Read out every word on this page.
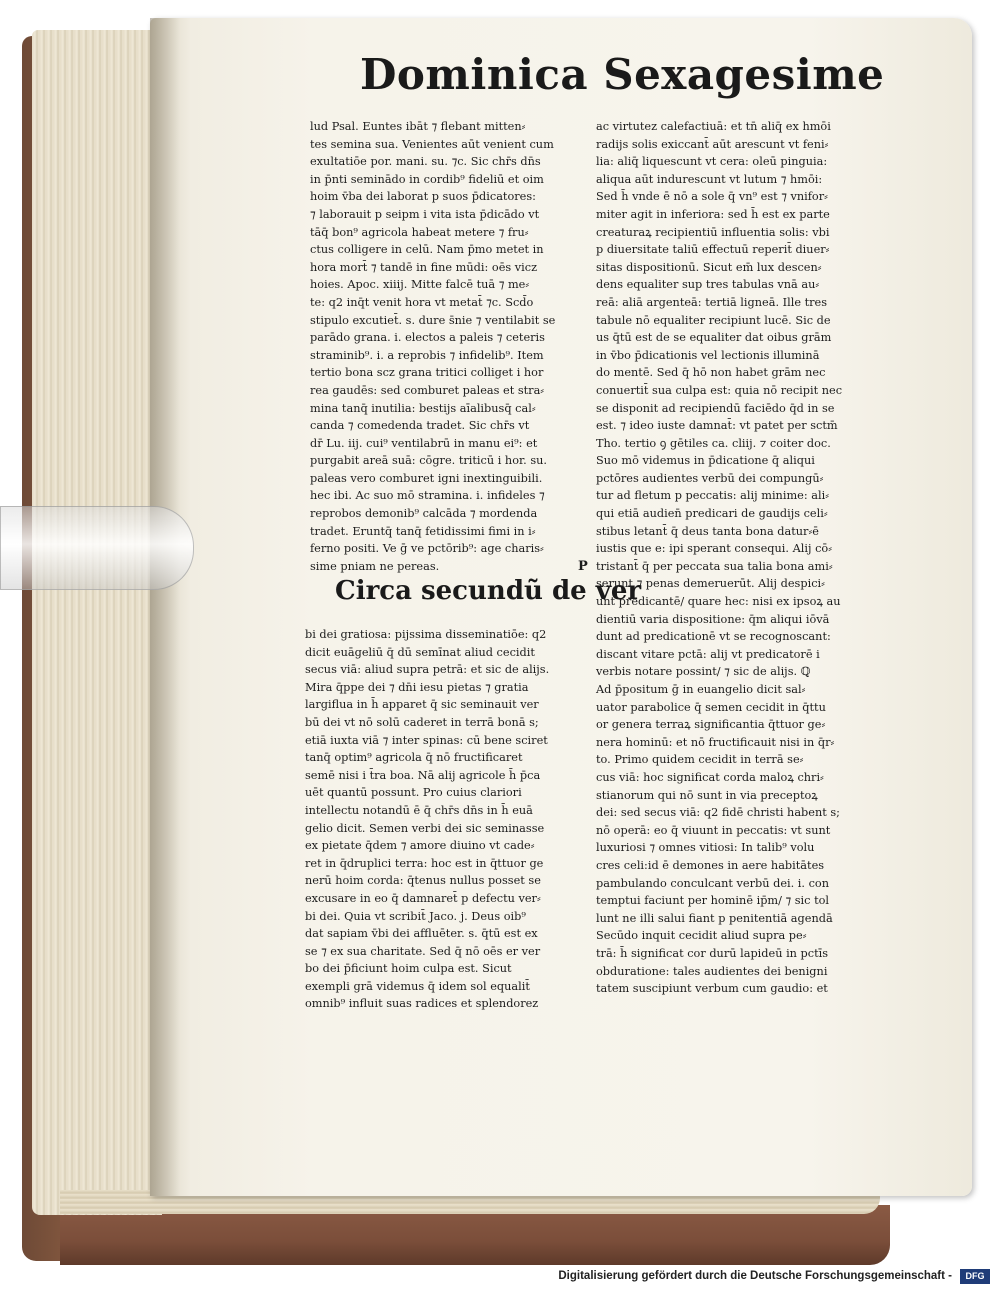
Dominica Sexagesime
lud Psal. Euntes ibāt ⁊ flebant mitten⸗
tes semina sua. Venientes aūt venient cum
exultatiōe por. mani. su. ⁊c. Sic chr̄s dn̄s
in p̄nti seminādo in cordib⁹ fideliū et oim
hoim v̄ba dei laborat p suos p̄dicatores:
⁊ laborauit p seipm i vita ista p̄dicādo vt
tāq̄ bon⁹ agricola habeat metere ⁊ fru⸗
ctus colligere in celū. Nam p̄mo metet in
hora mort̄ ⁊ tandē in fine mūdi: oēs vicz
hoies. Apoc. xiiij. Mitte falcē tuā ⁊ me⸗
te: q2 inq̄t venit hora vt metat̄ ⁊c. Scd̄o
stipulo excutiet̄. s. dure s̄nie ⁊ ventilabit se
parādo grana. i. electos a paleis ⁊ ceteris
straminib⁹. i. a reprobis ⁊ infidelib⁹. Item
tertio bona scz grana tritici colliget i hor
rea gaudēs: sed comburet paleas et stra⸗
mina tanq̄ inutilia: bestijs aīalibusq̄ cal⸗
canda ⁊ comedenda tradet. Sic chr̄s vt
dr̄ Lu. iij. cui⁹ ventilabrū in manu ei⁹: et
purgabit areā suā: cōgre. triticū i hor. su.
paleas vero comburet igni inextinguibili.
hec ibi. Ac suo mō stramina. i. infideles ⁊
reprobos demonib⁹ calcāda ⁊ mordenda
tradet. Eruntq̄ tanq̄ fetidissimi fimi in i⸗
ferno positi. Ve ḡ ve pctōrib⁹: age charis⸗
sime pniam ne pereas.	P
Circa secundũ de ver
bi dei gratiosa: pijssima disseminatiōe: q2
dicit euāgeliū q̄ dū semīnat aliud cecidit
secus viā: aliud supra petrā: et sic de alijs.
Mira q̄ppe dei ⁊ dn̄i iesu pietas ⁊ gratia
largiflua in h̄ apparet q̄ sic seminauit ver
bū dei vt nō solū caderet in terrā bonā s;
etiā iuxta viā ⁊ inter spinas: cū bene sciret
tanq̄ optim⁹ agricola q̄ nō fructificaret
semē nisi i t̄ra boa. Nā alij agricole h̄ p̄ca
uēt quantū possunt. Pro cuius clariori
intellectu notandū ē q̄ chr̄s dn̄s in h̄ euā
gelio dicit. Semen verbi dei sic seminasse
ex pietate q̄dem ⁊ amore diuino vt cade⸗
ret in q̄druplici terra: hoc est in q̄ttuor ge
nerū hoim corda: q̄tenus nullus posset se
excusare in eo q̄ damnaret̄ p defectu ver⸗
bi dei. Quia vt scribit̄ Jaco. j. Deus oib⁹
dat sapiam v̄bi dei affluēter. s. q̄tū est ex
se ⁊ ex sua charitate. Sed q̄ nō oēs er ver
bo dei p̄ficiunt hoim culpa est. Sicut
exempli grā videmus q̄ idem sol equalit̄
omnib⁹ influit suas radices et splendorez
ac virtutez calefactiuā: et tn̄ aliq̄ ex hmōi
radijs solis exiccant̄ aūt arescunt vt feni⸗
lia: aliq̄ liquescunt vt cera: oleū pinguia:
aliqua aūt indurescunt vt lutum ⁊ hmōi:
Sed h̄ vnde ē nō a sole q̄ vn⁹ est ⁊ vnifor⸗
miter agit in inferiora: sed h̄ est ex parte
creaturaꝝ recipientiū influentia solis: vbi
p diuersitate taliū effectuū reperit̄ diuer⸗
sitas dispositionū. Sicut em̄ lux descen⸗
dens equaliter sup tres tabulas vnā au⸗
reā: aliā argenteā: tertiā ligneā. Ille tres
tabule nō equaliter recipiunt lucē. Sic de
us q̄tū est de se equaliter dat oibus grām
in v̄bo p̄dicationis vel lectionis illuminā
do mentē. Sed q̄ hō non habet grām nec
conuertit̄ sua culpa est: quia nō recipit nec
se disponit ad recipiendū faciēdo q̄d in se
est. ⁊ ideo iuste damnat̄: vt patet per sctm̄
Tho. tertio ꝯ gētiles ca. cliij. ⁊ coiter doc.
Suo mō videmus in p̄dicatione q̄ aliqui
pctōres audientes verbū dei compungū⸗
tur ad fletum p peccatis: alij minime: ali⸗
qui etiā audien̄ predicari de gaudijs celi⸗
stibus letant̄ q̄ deus tanta bona datur⸗ē
iustis que e: ipi sperant consequi. Alij cō⸗
tristant̄ q̄ per peccata sua talia bona ami⸗
serunt ⁊ penas demeruerūt. Alij despici⸗
unt predicantē/ quare hec: nisi ex ipsoꝝ au
dientiū varia dispositione: q̄m aliqui iōvā
dunt ad predicationē vt se recognoscant:
discant vitare pctā: alij vt predicatorē i
verbis notare possint/ ⁊ sic de alijs. ℚ
Ad p̄positum ḡ in euangelio dicit sal⸗
uator parabolice q̄ semen cecidit in q̄ttu
or genera terraꝝ significantia q̄ttuor ge⸗
nera hominū: et nō fructificauit nisi in q̄r⸗
to. Primo quidem cecidit in terrā se⸗
cus viā: hoc significat corda maloꝝ chri⸗
stianorum qui nō sunt in via preceptoꝝ
dei: sed secus viā: q2 fidē christi habent s;
nō operā: eo q̄ viuunt in peccatis: vt sunt
luxuriosi ⁊ omnes vitiosi: In talib⁹ volu
cres celi:id ē demones in aere habitātes
pambulando conculcant verbū dei. i. con
temptui faciunt per hominē ip̄m/ ⁊ sic tol
lunt ne illi salui fiant p penitentiā agendā
Secūdo inquit cecidit aliud supra pe⸗
trā: h̄ significat cor durū lapideū in pctīs
obduratione: tales audientes dei benigni
tatem suscipiunt verbum cum gaudio: et
Digitalisierung gefördert durch die Deutsche Forschungsgemeinschaft -	DFG
